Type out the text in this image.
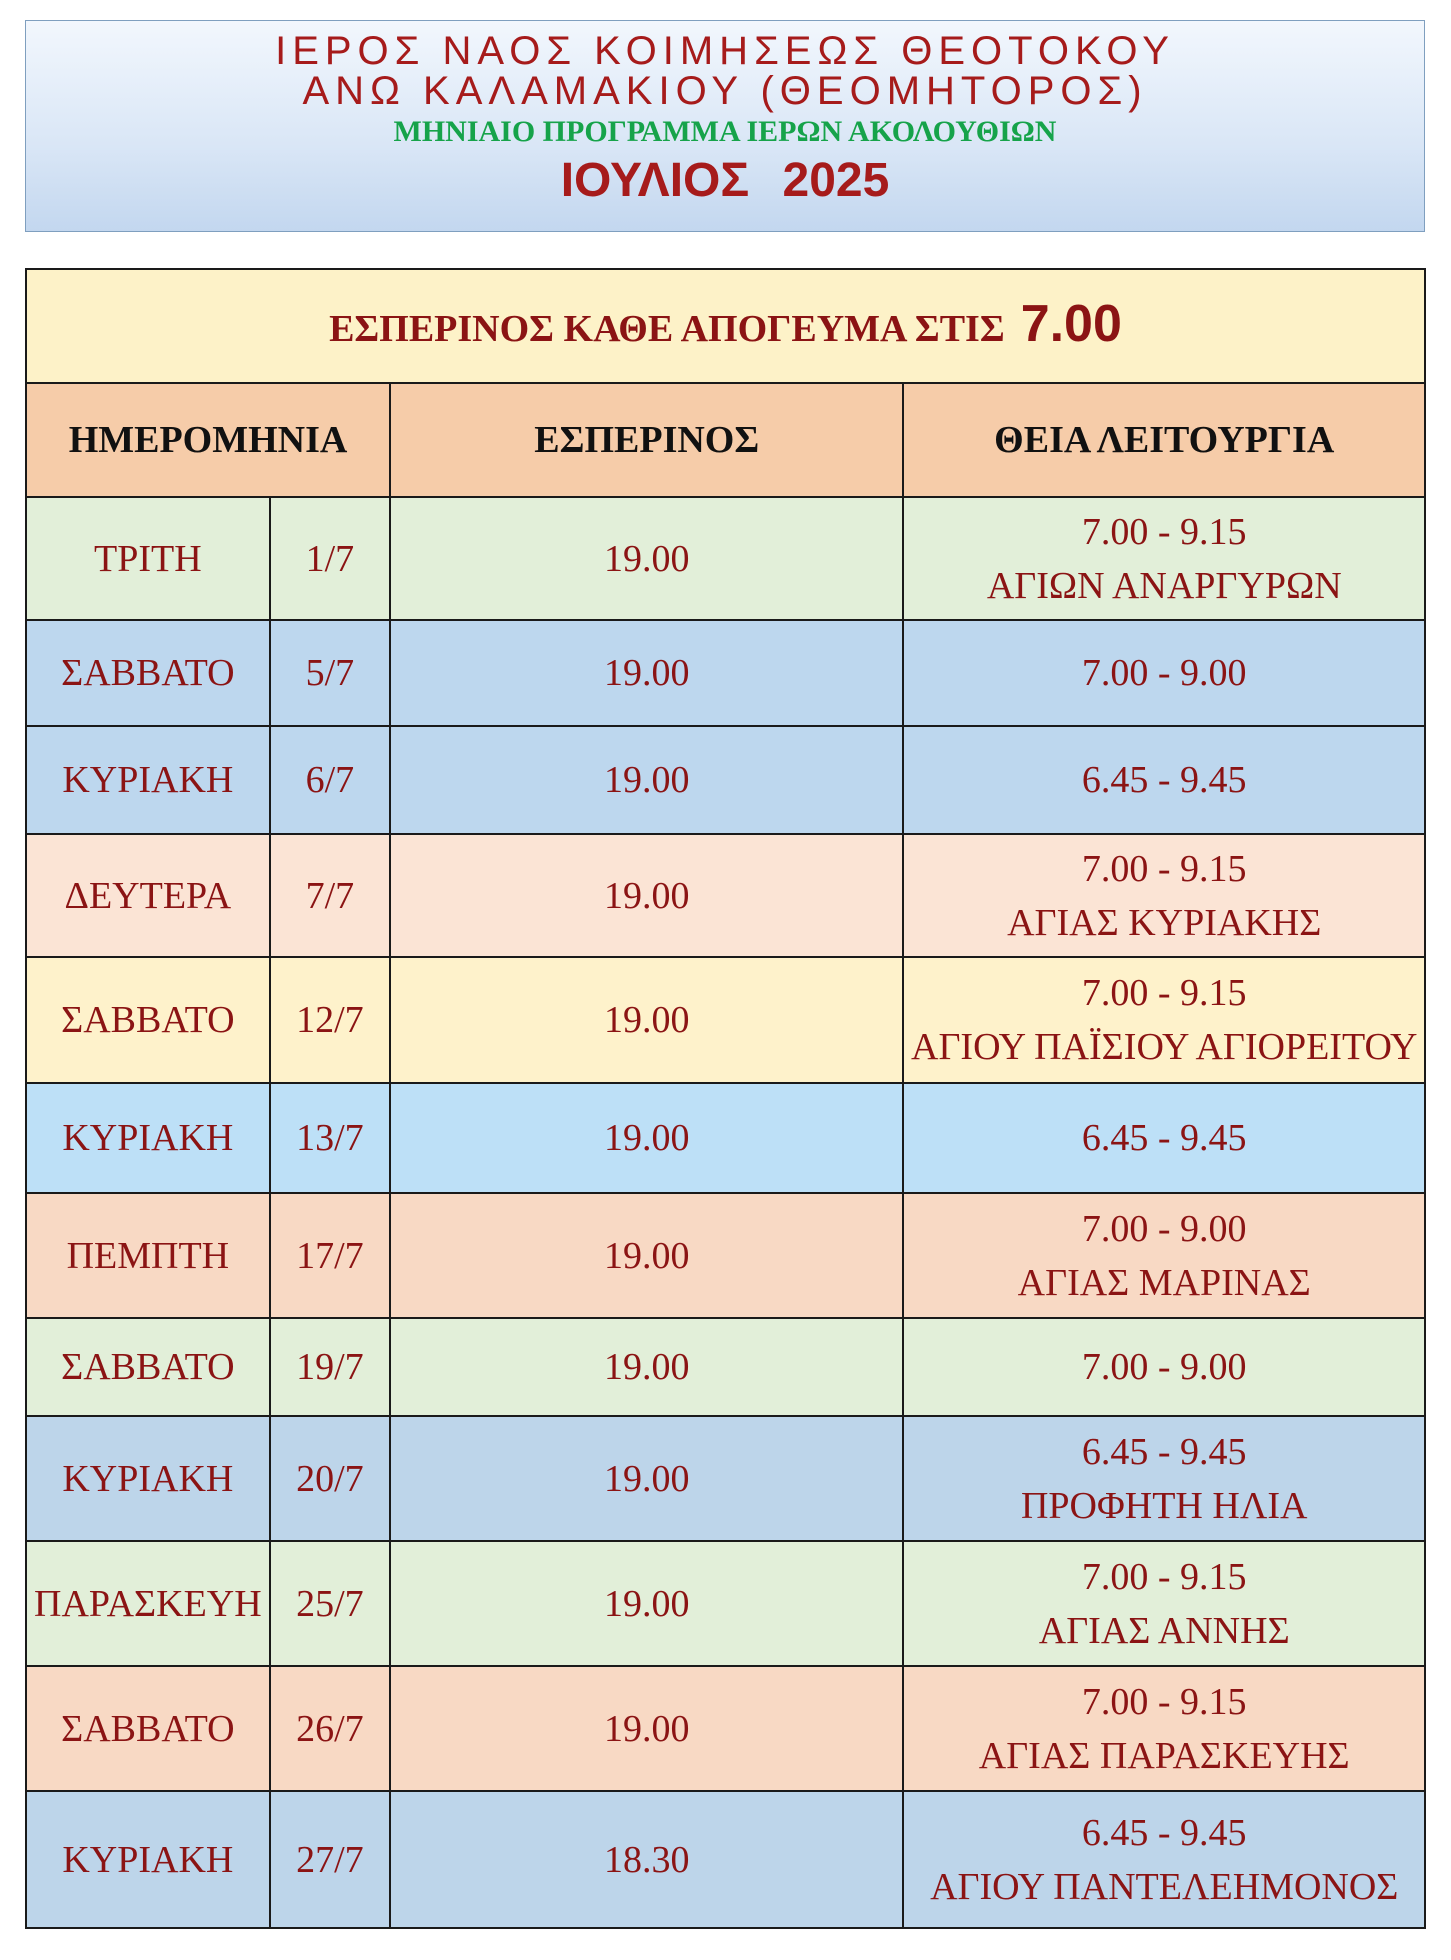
ΙΕΡΟΣ ΝΑΟΣ ΚΟΙΜΗΣΕΩΣ ΘΕΟΤΟΚΟΥ
ΑΝΩ ΚΑΛΑΜΑΚΙΟΥ (ΘΕΟΜΗΤΟΡΟΣ)
ΜΗΝΙΑΙΟ ΠΡΟΓΡΑΜΜΑ ΙΕΡΩΝ ΑΚΟΛΟΥΘΙΩΝ
ΙΟΥΛΙΟΣ 2025
ΕΣΠΕΡΙΝΟΣ ΚΑΘΕ ΑΠΟΓΕΥΜΑ ΣΤΙΣ 7.00			
ΗΜΕΡΟΜΗΝΙΑ		ΕΣΠΕΡΙΝΟΣ	ΘΕΙΑ ΛΕΙΤΟΥΡΓΙΑ
ΤΡΙΤΗ	1/7	19.00	7.00 - 9.15
ΑΓΙΩΝ ΑΝΑΡΓΥΡΩΝ

ΣΑΒΒΑΤΟ	5/7	19.00	7.00 - 9.00

ΚΥΡΙΑΚΗ	6/7	19.00	6.45 - 9.45

ΔΕΥΤΕΡΑ	7/7	19.00	7.00 - 9.15
ΑΓΙΑΣ ΚΥΡΙΑΚΗΣ

ΣΑΒΒΑΤΟ	12/7	19.00	7.00 - 9.15
ΑΓΙΟΥ ΠΑΪΣΙΟΥ ΑΓΙΟΡΕΙΤΟΥ

ΚΥΡΙΑΚΗ	13/7	19.00	6.45 - 9.45

ΠΕΜΠΤΗ	17/7	19.00	7.00 - 9.00
ΑΓΙΑΣ ΜΑΡΙΝΑΣ

ΣΑΒΒΑΤΟ	19/7	19.00	7.00 - 9.00

ΚΥΡΙΑΚΗ	20/7	19.00	6.45 - 9.45
ΠΡΟΦΗΤΗ ΗΛΙΑ

ΠΑΡΑΣΚΕΥΗ	25/7	19.00	7.00 - 9.15
ΑΓΙΑΣ ΑΝΝΗΣ

ΣΑΒΒΑΤΟ	26/7	19.00	7.00 - 9.15
ΑΓΙΑΣ ΠΑΡΑΣΚΕΥΗΣ

ΚΥΡΙΑΚΗ	27/7	18.30	6.45 - 9.45
ΑΓΙΟΥ ΠΑΝΤΕΛΕΗΜΟΝΟΣ
